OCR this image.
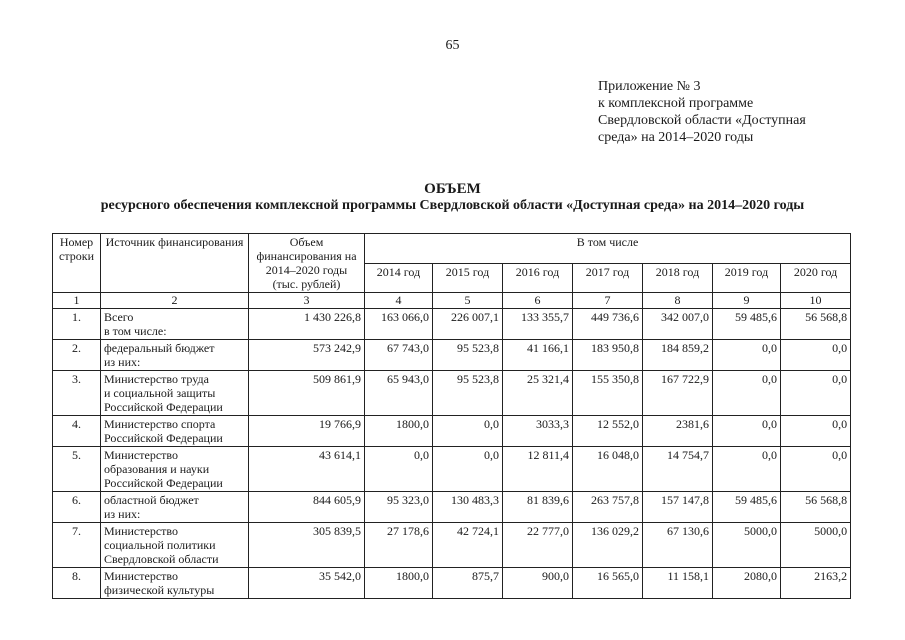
65
Приложение № 3
к комплексной программе
Свердловской области «Доступная
среда» на 2014–2020 годы
ОБЪЕМ
ресурсного обеспечения комплексной программы Свердловской области «Доступная среда» на 2014–2020 годы
Номер строки	Источник финансирования	Объем финансирования на 2014–2020 годы (тыс. рублей)	В том числе						
			2014 год	2015 год	2016 год	2017 год	2018 год	2019 год	2020 год
1	2	3	4	5	6	7	8	9	10
1.	Всего
в том числе:	1 430 226,8	163 066,0	226 007,1	133 355,7	449 736,6	342 007,0	59 485,6	56 568,8
2.	федеральный бюджет
из них:	573 242,9	67 743,0	95 523,8	41 166,1	183 950,8	184 859,2	0,0	0,0
3.	Министерство труда
и социальной защиты
Российской Федерации	509 861,9	65 943,0	95 523,8	25 321,4	155 350,8	167 722,9	0,0	0,0
4.	Министерство спорта
Российской Федерации	19 766,9	1800,0	0,0	3033,3	12 552,0	2381,6	0,0	0,0
5.	Министерство
образования и науки
Российской Федерации	43 614,1	0,0	0,0	12 811,4	16 048,0	14 754,7	0,0	0,0
6.	областной бюджет
из них:	844 605,9	95 323,0	130 483,3	81 839,6	263 757,8	157 147,8	59 485,6	56 568,8
7.	Министерство
социальной политики
Свердловской области	305 839,5	27 178,6	42 724,1	22 777,0	136 029,2	67 130,6	5000,0	5000,0
8.	Министерство
физической культуры	35 542,0	1800,0	875,7	900,0	16 565,0	11 158,1	2080,0	2163,2
